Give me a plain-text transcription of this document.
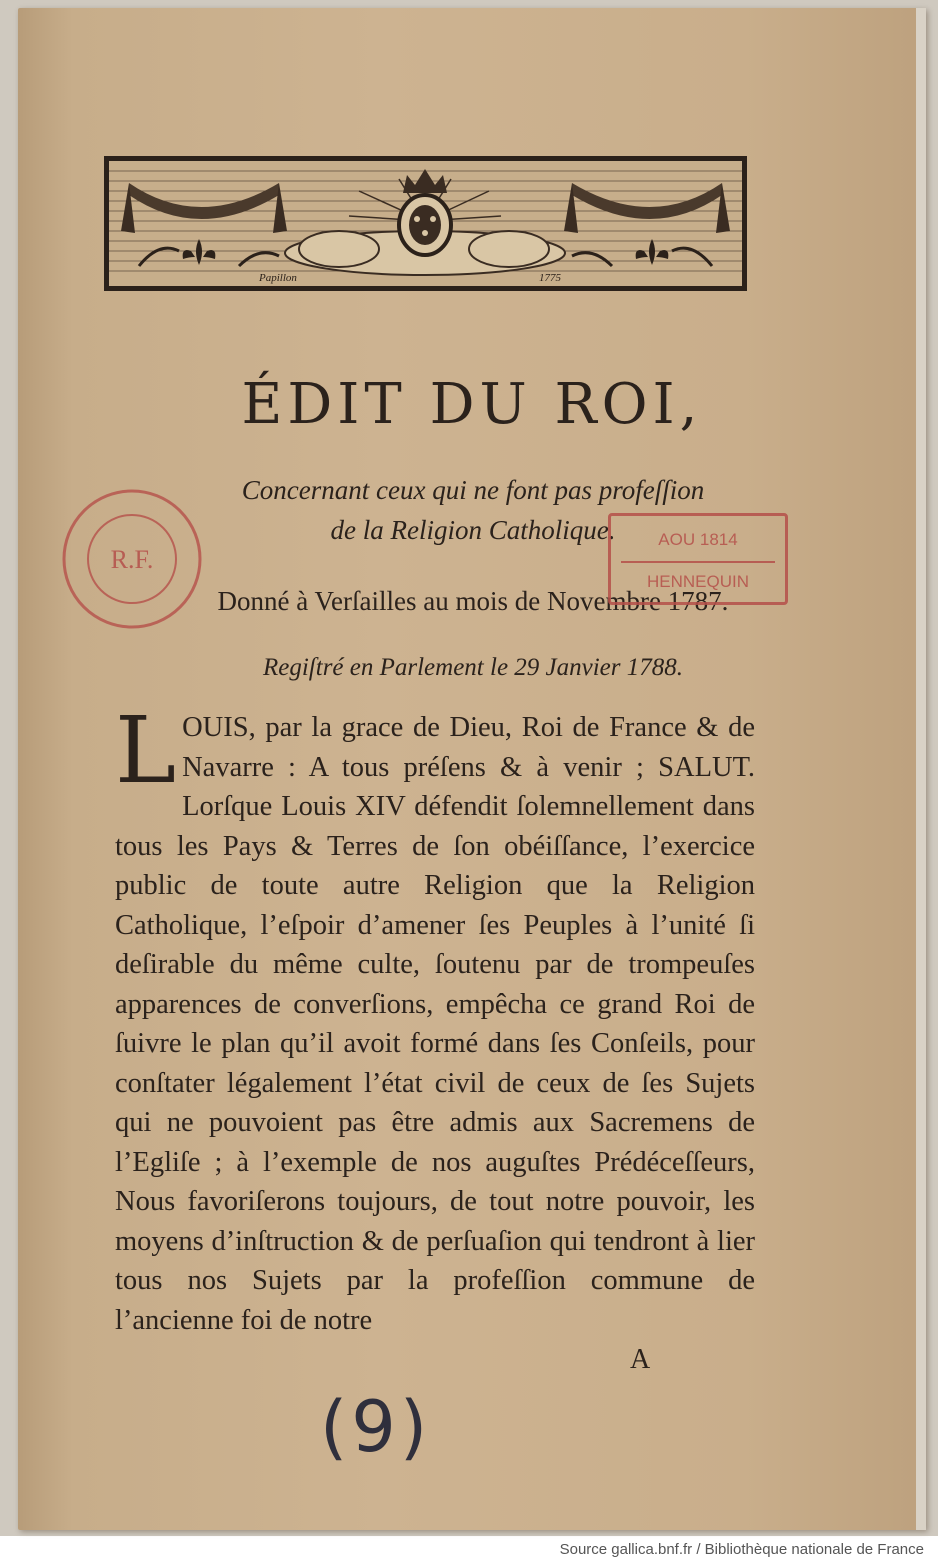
Papillon	1775
ÉDIT DU ROI,
Concernant ceux qui ne font pas profeſſion
de la Religion Catholique.
Donné à Verſailles au mois de Novembre 1787.
Regiſtré en Parlement le 29 Janvier 1788.
LOUIS, par la grace de Dieu, Roi de France & de Navarre : A tous préſens & à venir ; SALUT. Lorſque Louis XIV défendit ſolemnellement dans tous les Pays & Terres de ſon obéiſſance, l’exercice public de toute autre Religion que la Religion Catholique, l’eſpoir d’amener ſes Peuples à l’unité ſi deſirable du même culte, ſoutenu par de trompeuſes apparences de converſions, empêcha ce grand Roi de ſuivre le plan qu’il avoit formé dans ſes Conſeils, pour conſtater légalement l’état civil de ceux de ſes Sujets qui ne pouvoient pas être admis aux Sacremens de l’Egliſe ; à l’exemple de nos auguſtes Prédéceſſeurs, Nous favoriſerons toujours, de tout notre pouvoir, les moyens d’inſtruction & de perſuaſion qui tendront à lier tous nos Sujets par la profeſſion commune de l’ancienne foi de notre
A
(9)
R.F.
AOU 1814
HENNEQUIN
Source gallica.bnf.fr / Bibliothèque nationale de France
